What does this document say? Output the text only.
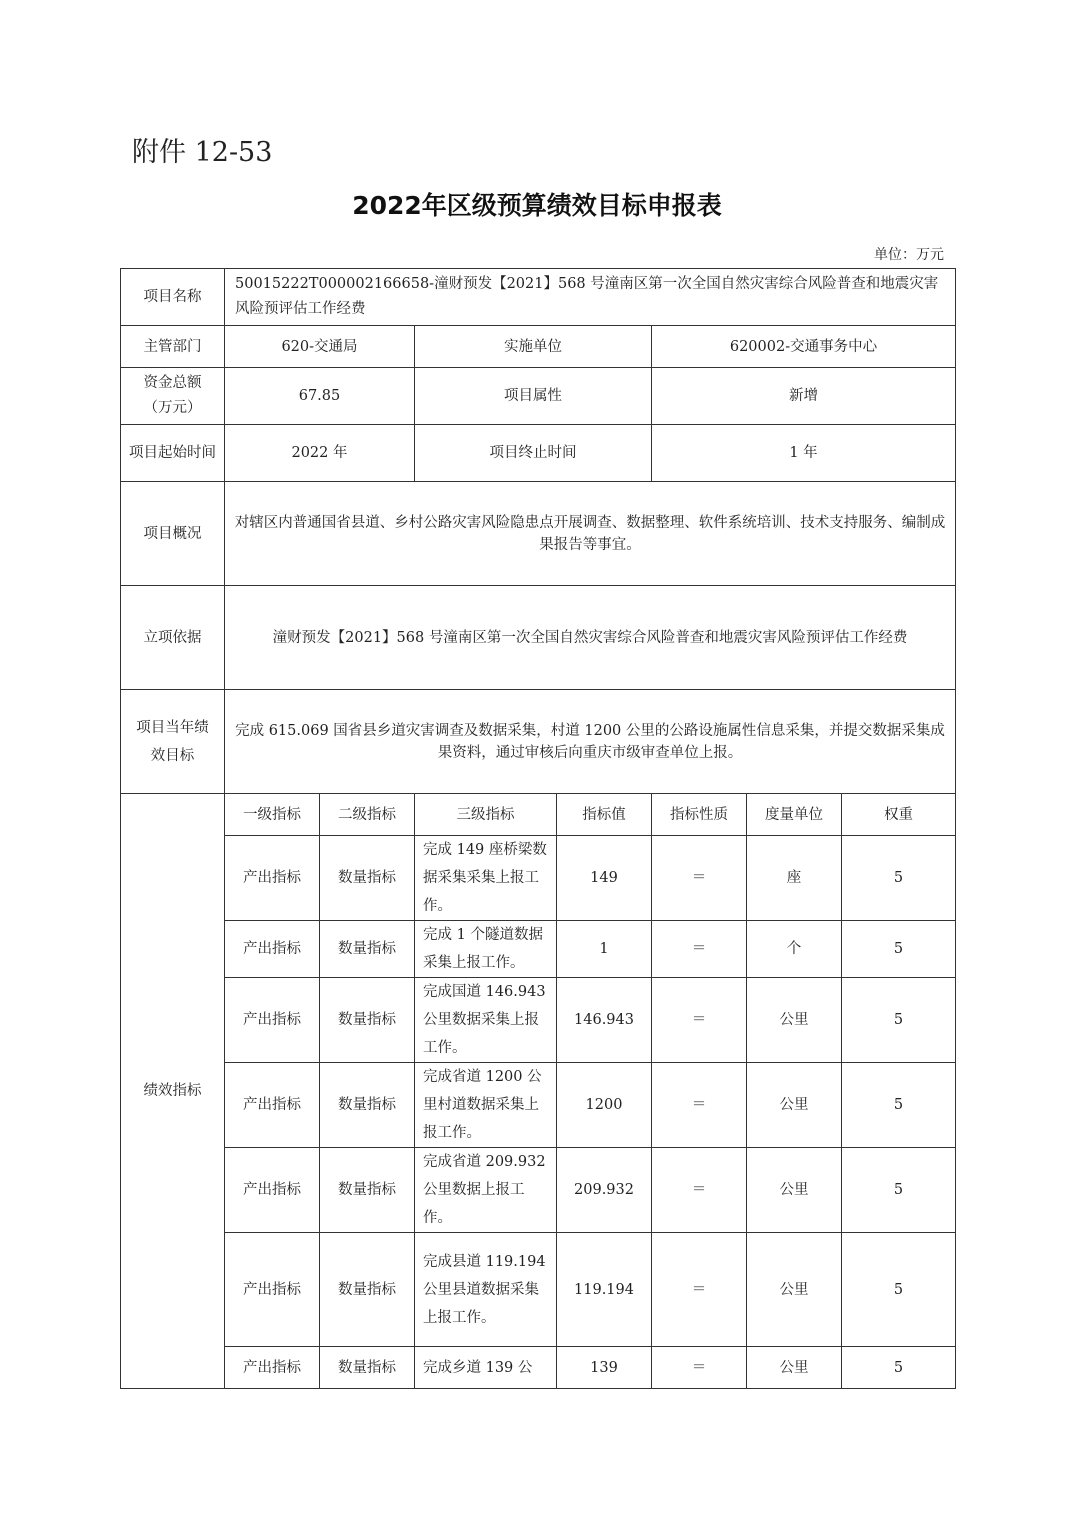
附件 12-53
2022年区级预算绩效目标申报表
单位：万元
项目名称	50015222T000002166658-潼财预发【2021】568 号潼南区第一次全国自然灾害综合风险普查和地震灾害风险预评估工作经费						
主管部门	620-交通局		实施单位		620002-交通事务中心		
资金总额（万元）	67.85		项目属性		新增		
项目起始时间	2022 年		项目终止时间		1 年		
项目概况	对辖区内普通国省县道、乡村公路灾害风险隐患点开展调查、数据整理、软件系统培训、技术支持服务、编制成果报告等事宜。						
立项依据	潼财预发【2021】568 号潼南区第一次全国自然灾害综合风险普查和地震灾害风险预评估工作经费						
项目当年绩效目标	完成 615.069 国省县乡道灾害调查及数据采集，村道 1200 公里的公路设施属性信息采集，并提交数据采集成果资料，通过审核后向重庆市级审查单位上报。						
绩效指标	一级指标	二级指标	三级指标	指标值	指标性质	度量单位	权重
	产出指标	数量指标	完成 149 座桥梁数据采集采集上报工作。	149	＝	座	5
	产出指标	数量指标	完成 1 个隧道数据采集上报工作。	1	＝	个	5
	产出指标	数量指标	完成国道 146.943 公里数据采集上报工作。	146.943	＝	公里	5
	产出指标	数量指标	完成省道 1200 公里村道数据采集上报工作。	1200	＝	公里	5
	产出指标	数量指标	完成省道 209.932 公里数据上报工作。	209.932	＝	公里	5
	产出指标	数量指标	完成县道 119.194 公里县道数据采集上报工作。	119.194	＝	公里	5
	产出指标	数量指标	完成乡道 139 公	139	＝	公里	5
